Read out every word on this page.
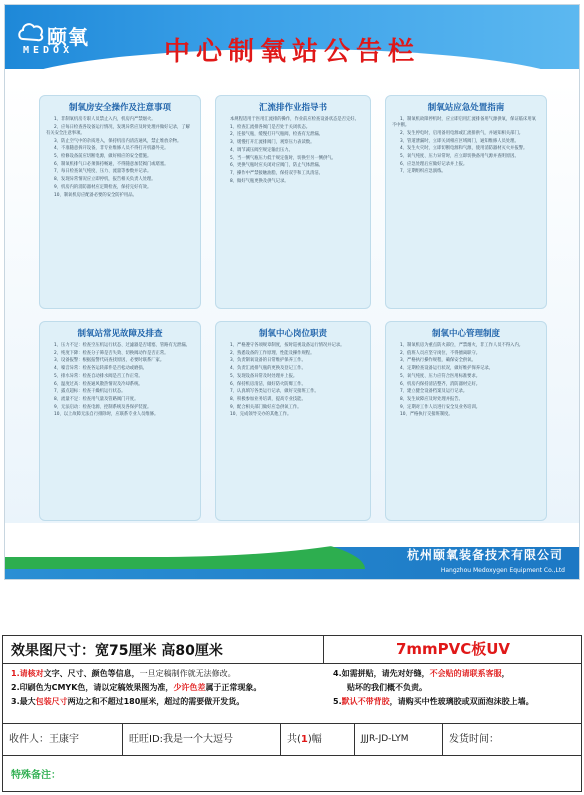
颐氧
MEDOX	中心制氧站公告栏
制氧房安全操作及注意事项

1、非制氧机房专职人员禁止入内，机房内严禁烟火。

2、应每日检查各设备运行情况，发现异常应及时处理并做好记录，了解有关安全注意事项。

3、防止空气中的杂质进入，保持机房内清洁通风，禁止堆放杂物。

4、不准随意拆开设备，非专业维修人员不得打开机器外壳。

5、检修设备前应切断电源，做好相应的安全措施。

6、制氧机排气口必须保持畅通，不得随意加装阀门或堵塞。

7、每日检查氧气纯度、压力、流量等参数并记录。

8、发现异常情况应立即停机，报告相关负责人处理。

9、机房内的消防器材应定期检查，保持完好有效。

10、制氧机房应配备必要的安全防护用品。

汇流排作业指导书

本规程适用于医用汇流排的操作，作业前应检查设备状态是否完好。

1、检查汇流排各阀门是否处于关闭状态。

2、连接气瓶，缓慢打开气瓶阀，检查有无泄漏。

3、缓慢打开汇流排阀门，观察压力表读数。

4、调节减压阀至规定输出压力。

5、当一侧气瓶压力低于规定值时，切换至另一侧供气。

6、更换气瓶时应关闭对应阀门，防止气体泄漏。

7、操作中严禁接触油脂，保持双手和工具清洁。

8、做好气瓶更换及供气记录。

制氧站应急处置指南

1、制氧机故障停机时，应立即启用汇流排备用气源供氧，保证临床用氧不中断。

2、发生停电时，启用备用电源或汇流排供气，并通知相关部门。

3、管道泄漏时，立即关闭相应区域阀门，通知维修人员处理。

4、发生火灾时，立即切断电源和气源，使用消防器材灭火并报警。

5、氧气纯度、压力异常时，应立即切换备用气源并查明原因。

6、应急处理后应做好记录并上报。

7、定期组织应急演练。

制氧站常见故障及排查

1、压力不足：检查空压机运行状态、过滤器是否堵塞、管路有无泄漏。

2、纯度下降：检查分子筛是否失效、切换阀动作是否正常。

3、设备报警：根据报警代码查找原因，必要时联系厂家。

4、噪音异常：检查各运转部件是否松动或磨损。

5、排水异常：检查自动排水阀是否工作正常。

6、温度过高：检查通风散热情况及冷却系统。

7、露点超标：检查干燥机运行状态。

8、流量不足：检查用气量及管路阀门开度。

9、无法启动：检查电源、控制系统及各保护装置。

10、以上故障无法自行排除时，应联系专业人员维修。

制氧中心岗位职责

1、严格遵守各项规章制度，按时巡视设备运行情况并记录。

2、熟悉设备的工作原理、性能及操作规程。

3、负责制氧设备的日常维护保养工作。

4、负责汇流排气瓶的更换及登记工作。

5、发现设备异常及时处理并上报。

6、保持机房清洁，做好防火防爆工作。

7、认真填写各类运行记录，做好交接班工作。

8、积极参加业务培训，提高专业技能。

9、配合相关部门做好应急供氧工作。

10、完成领导交办的其他工作。

制氧中心管理制度

1、制氧机房为重点防火部位，严禁烟火，非工作人员不得入内。

2、值班人员应坚守岗位，不得擅离职守。

3、严格执行操作规程，确保安全供氧。

4、定期检查设备运行状况，做好维护保养记录。

5、氧气纯度、压力应符合医用标准要求。

6、机房内保持清洁整齐，消防器材完好。

7、建立健全设备档案及运行记录。

8、发生故障应及时处理并报告。

9、定期对工作人员进行安全及业务培训。

10、严格执行交接班制度。

杭州颐氧装备技术有限公司
Hangzhou Medoxygen Equipment Co.,Ltd
效果图尺寸：宽75厘米 高80厘米	7mmPVC板UV
1.请核对文字、尺寸、颜色等信息，一旦定稿制作就无法修改。
2.印刷色为CMYK色，请以定稿效果图为准，少许色差属于正常现象。
3.最大包装尺寸两边之和不超过180厘米，超过的需要做开发货。
4.如需拼贴，请先对好缝，不会贴的请联系客服，
贴坏的我们概不负责。
5.默认不带背胶，请购买中性玻璃胶或双面泡沫胶上墙。
收件人：王康宇	旺旺ID:我是一个大逗号	共(1)幅	JJJR-JD-LYM	发货时间：
特殊备注：
